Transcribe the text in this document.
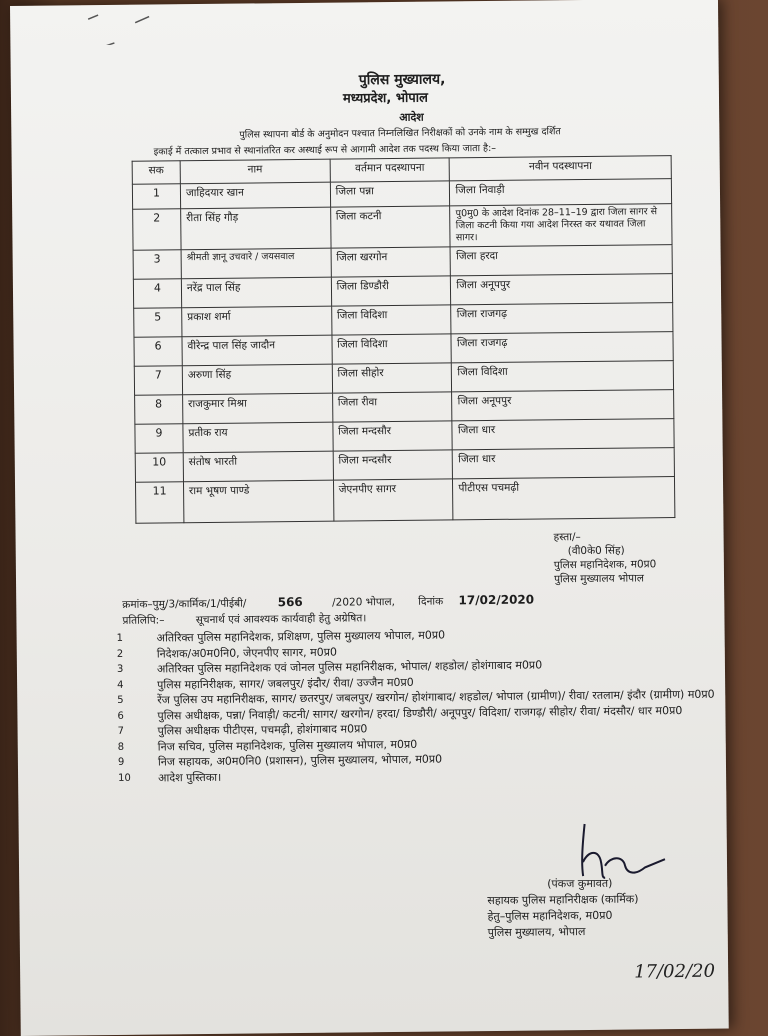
पुलिस मुख्यालय,
मध्यप्रदेश, भोपाल
आदेश
पुलिस स्थापना बोर्ड के अनुमोदन पश्चात निम्नलिखित निरीक्षकों को उनके नाम के सम्मुख दर्शित
इकाई में तत्काल प्रभाव से स्थानांतरित कर अस्थाई रूप से आगामी आदेश तक पदस्थ किया जाता है:–
सक	नाम	वर्तमान पदस्थापना	नवीन पदस्थापना
1	जाहिदयार खान	जिला पन्ना	जिला निवाड़ी
2	रीता सिंह गौड़	जिला कटनी	पु0मु0 के आदेश दिनांक 28–11–19 द्वारा जिला सागर से जिला कटनी किया गया आदेश निरस्त कर यथावत जिला सागर।
3	श्रीमती ज्ञानू उचवारे / जयसवाल	जिला खरगोन	जिला हरदा
4	नरेंद्र पाल सिंह	जिला डिण्डौरी	जिला अनूपपुर
5	प्रकाश शर्मा	जिला विदिशा	जिला राजगढ़
6	वीरेन्द्र पाल सिंह जादौन	जिला विदिशा	जिला राजगढ़
7	अरुणा सिंह	जिला सीहोर	जिला विदिशा
8	राजकुमार मिश्रा	जिला रीवा	जिला अनूपपुर
9	प्रतीक राय	जिला मन्दसौर	जिला धार
10	संतोष भारती	जिला मन्दसौर	जिला धार
11	राम भूषण पाण्डे	जेएनपीए सागर	पीटीएस पचमढ़ी
हस्ता/–
(वी0के0 सिंह)
पुलिस महानिदेशक, म0प्र0
पुलिस मुख्यालय भोपाल
क्रमांक–पुमु/3/कार्मिक/1/पीईबी/	566	/2020 भोपाल, दिनांक 17/02/2020
प्रतिलिपि:–	सूचनार्थ एवं आवश्यक कार्यवाही हेतु अग्रेषित।
1	अतिरिक्त पुलिस महानिदेशक, प्रशिक्षण, पुलिस मुख्यालय भोपाल, म0प्र0
2	निदेशक/अ0म0नि0, जेएनपीए सागर, म0प्र0
3	अतिरिक्त पुलिस महानिदेशक एवं जोनल पुलिस महानिरीक्षक, भोपाल/ शहडोल/ होशंगाबाद म0प्र0
4	पुलिस महानिरीक्षक, सागर/ जबलपुर/ इंदौर/ रीवा/ उज्जैन म0प्र0
5	रेंज पुलिस उप महानिरीक्षक, सागर/ छतरपुर/ जबलपुर/ खरगोन/ होशंगाबाद/ शहडोल/ भोपाल (ग्रामीण)/ रीवा/ रतलाम/ इंदौर (ग्रामीण) म0प्र0
6	पुलिस अधीक्षक, पन्ना/ निवाड़ी/ कटनी/ सागर/ खरगोन/ हरदा/ डिण्डौरी/ अनूपपुर/ विदिशा/ राजगढ़/ सीहोर/ रीवा/ मंदसौर/ धार म0प्र0
7	पुलिस अधीक्षक पीटीएस, पचमढ़ी, होशंगाबाद म0प्र0
8	निज सचिव, पुलिस महानिदेशक, पुलिस मुख्यालय भोपाल, म0प्र0
9	निज सहायक, अ0म0नि0 (प्रशासन), पुलिस मुख्यालय, भोपाल, म0प्र0
10	आदेश पुस्तिका।
(पंकज कुमावत)
सहायक पुलिस महानिरीक्षक (कार्मिक)
हेतु–पुलिस महानिदेशक, म0प्र0
पुलिस मुख्यालय, भोपाल
17/02/20
